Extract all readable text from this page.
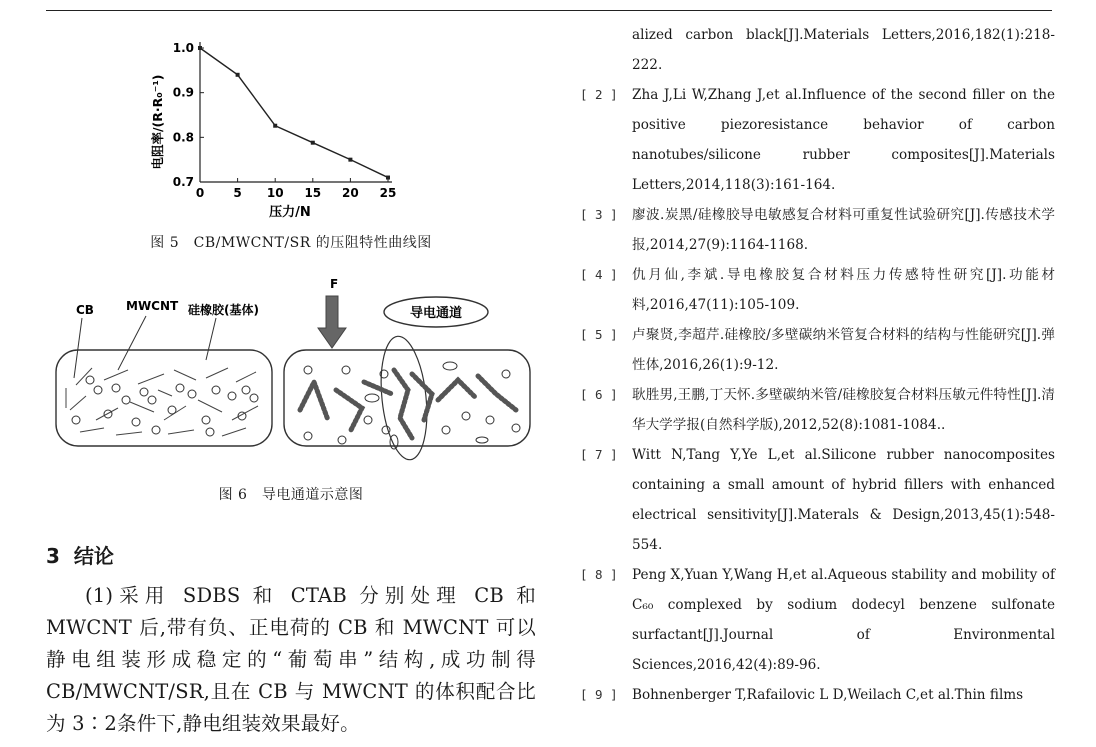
0.7
0.8
0.9
1.0
0 5 10 15 20 25
压力/N
电阻率/(R·R₀⁻¹)
图 5　CB/MWCNT/SR 的压阻特性曲线图
CB	MWCNT 硅橡胶(基体)
F
导电通道
图 6　导电通道示意图
3 结论
(1)采用 SDBS 和 CTAB 分别处理 CB 和 MWCNT 后,带有负、正电荷的 CB 和 MWCNT 可以静电组装形成稳定的“葡萄串”结构,成功制得 CB/MWCNT/SR,且在 CB 与 MWCNT 的体积配合比为 3∶2条件下,静电组装效果最好。
alized carbon black[J].Materials Letters,2016,182(1):218-222.
[ 2 ]	Zha J,Li W,Zhang J,et al.Influence of the second filler on the positive piezoresistance behavior of carbon nanotubes/silicone rubber composites[J].Materials Letters,2014,118(3):161-164.
[ 3 ]	廖波.炭黑/硅橡胶导电敏感复合材料可重复性试验研究[J].传感技术学报,2014,27(9):1164-1168.
[ 4 ]	仇月仙,李斌.导电橡胶复合材料压力传感特性研究[J].功能材料,2016,47(11):105-109.
[ 5 ]	卢聚贤,李超芹.硅橡胶/多壁碳纳米管复合材料的结构与性能研究[J].弹性体,2016,26(1):9-12.
[ 6 ]	耿胜男,王鹏,丁天怀.多壁碳纳米管/硅橡胶复合材料压敏元件特性[J].清华大学学报(自然科学版),2012,52(8):1081-1084..
[ 7 ]	Witt N,Tang Y,Ye L,et al.Silicone rubber nanocomposites containing a small amount of hybrid fillers with enhanced electrical sensitivity[J].Materals & Design,2013,45(1):548-554.
[ 8 ]	Peng X,Yuan Y,Wang H,et al.Aqueous stability and mobility of C₆₀ complexed by sodium dodecyl benzene sulfonate surfactant[J].Journal of Environmental Sciences,2016,42(4):89-96.
[ 9 ]	Bohnenberger T,Rafailovic L D,Weilach C,et al.Thin films
